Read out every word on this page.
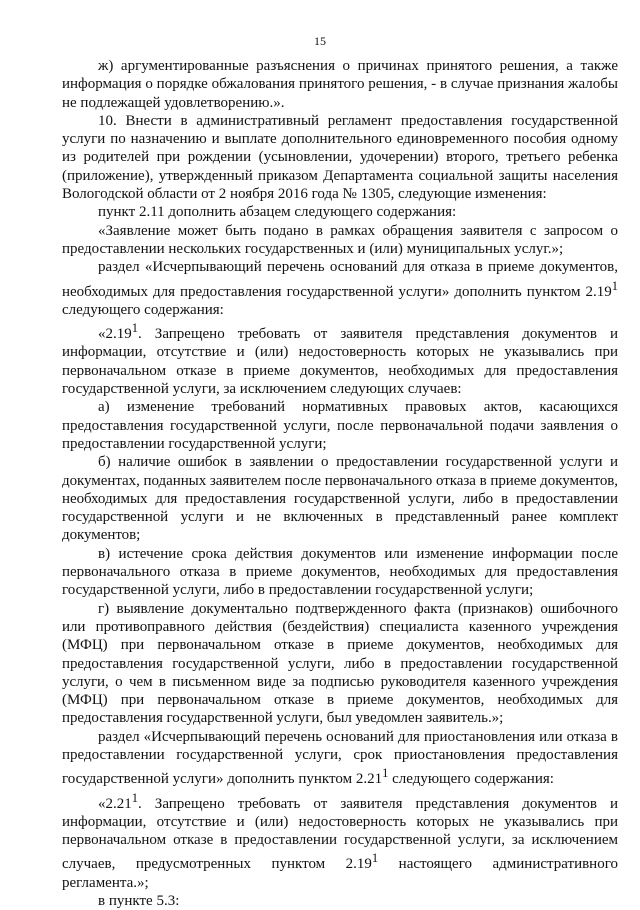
15

ж) аргументированные разъяснения о причинах принятого решения, а также информация о порядке обжалования принятого решения, - в случае признания жалобы не подлежащей удовлетворению.».

10. Внести в административный регламент предоставления государственной услуги по назначению и выплате дополнительного единовременного пособия одному из родителей при рождении (усыновлении, удочерении) второго, третьего ребенка (приложение), утвержденный приказом Департамента социальной защиты населения Вологодской области от 2 ноября 2016 года № 1305, следующие изменения:

пункт 2.11 дополнить абзацем следующего содержания:

«Заявление может быть подано в рамках обращения заявителя с запросом о предоставлении нескольких государственных и (или) муниципальных услуг.»;

раздел «Исчерпывающий перечень оснований для отказа в приеме документов, необходимых для предоставления государственной услуги» дополнить пунктом 2.19$^1$ следующего содержания:

«2.19$^1$. Запрещено требовать от заявителя представления документов и информации, отсутствие и (или) недостоверность которых не указывались при первоначальном отказе в приеме документов, необходимых для предоставления государственной услуги, за исключением следующих случаев:

а) изменение требований нормативных правовых актов, касающихся предоставления государственной услуги, после первоначальной подачи заявления о предоставлении государственной услуги;

б) наличие ошибок в заявлении о предоставлении государственной услуги и документах, поданных заявителем после первоначального отказа в приеме документов, необходимых для предоставления государственной услуги, либо в предоставлении государственной услуги и не включенных в представленный ранее комплект документов;

в) истечение срока действия документов или изменение информации после первоначального отказа в приеме документов, необходимых для предоставления государственной услуги, либо в предоставлении государственной услуги;

г) выявление документально подтвержденного факта (признаков) ошибочного или противоправного действия (бездействия) специалиста казенного учреждения (МФЦ) при первоначальном отказе в приеме документов, необходимых для предоставления государственной услуги, либо в предоставлении государственной услуги, о чем в письменном виде за подписью руководителя казенного учреждения (МФЦ) при первоначальном отказе в приеме документов, необходимых для предоставления государственной услуги, был уведомлен заявитель.»;

раздел «Исчерпывающий перечень оснований для приостановления или отказа в предоставлении государственной услуги, срок приостановления предоставления государственной услуги» дополнить пунктом 2.21$^1$ следующего содержания:

«2.21$^1$. Запрещено требовать от заявителя представления документов и информации, отсутствие и (или) недостоверность которых не указывались при первоначальном отказе в предоставлении государственной услуги, за исключением случаев, предусмотренных пунктом 2.19$^1$ настоящего административного регламента.»;

в пункте 5.3:
